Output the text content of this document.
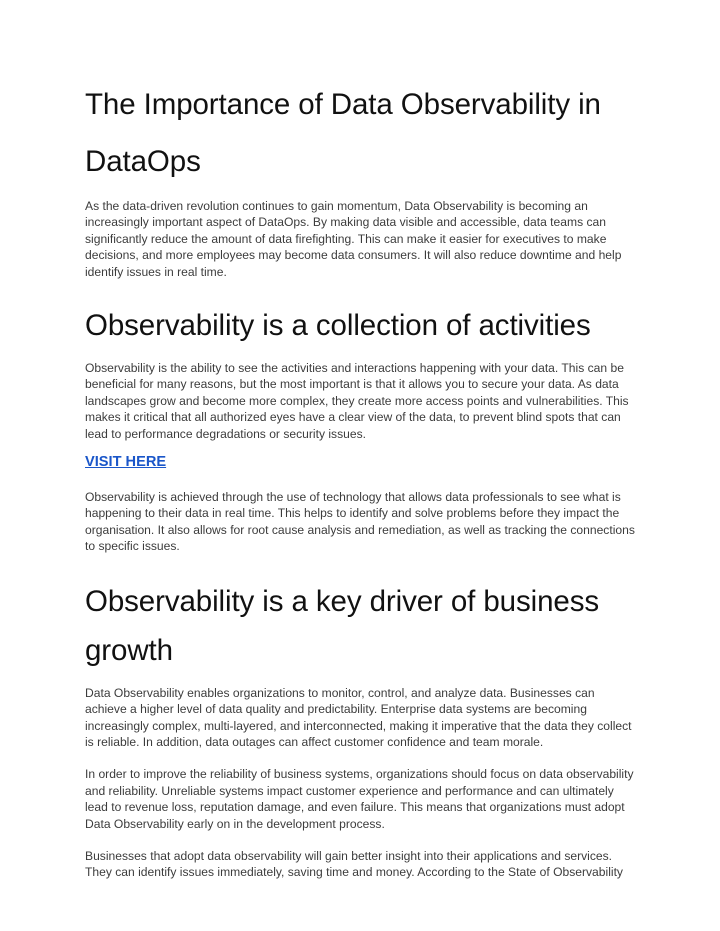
The Importance of Data Observability in DataOps

As the data-driven revolution continues to gain momentum, Data Observability is becoming an increasingly important aspect of DataOps. By making data visible and accessible, data teams can significantly reduce the amount of data firefighting. This can make it easier for executives to make decisions, and more employees may become data consumers. It will also reduce downtime and help identify issues in real time.

Observability is a collection of activities

Observability is the ability to see the activities and interactions happening with your data. This can be beneficial for many reasons, but the most important is that it allows you to secure your data. As data landscapes grow and become more complex, they create more access points and vulnerabilities. This makes it critical that all authorized eyes have a clear view of the data, to prevent blind spots that can lead to performance degradations or security issues.

VISIT HERE

Observability is achieved through the use of technology that allows data professionals to see what is happening to their data in real time. This helps to identify and solve problems before they impact the organisation. It also allows for root cause analysis and remediation, as well as tracking the connections to specific issues.

Observability is a key driver of business growth

Data Observability enables organizations to monitor, control, and analyze data. Businesses can achieve a higher level of data quality and predictability. Enterprise data systems are becoming increasingly complex, multi-layered, and interconnected, making it imperative that the data they collect is reliable. In addition, data outages can affect customer confidence and team morale.

In order to improve the reliability of business systems, organizations should focus on data observability and reliability. Unreliable systems impact customer experience and performance and can ultimately lead to revenue loss, reputation damage, and even failure. This means that organizations must adopt Data Observability early on in the development process.

Businesses that adopt data observability will gain better insight into their applications and services. They can identify issues immediately, saving time and money. According to the State of Observability
